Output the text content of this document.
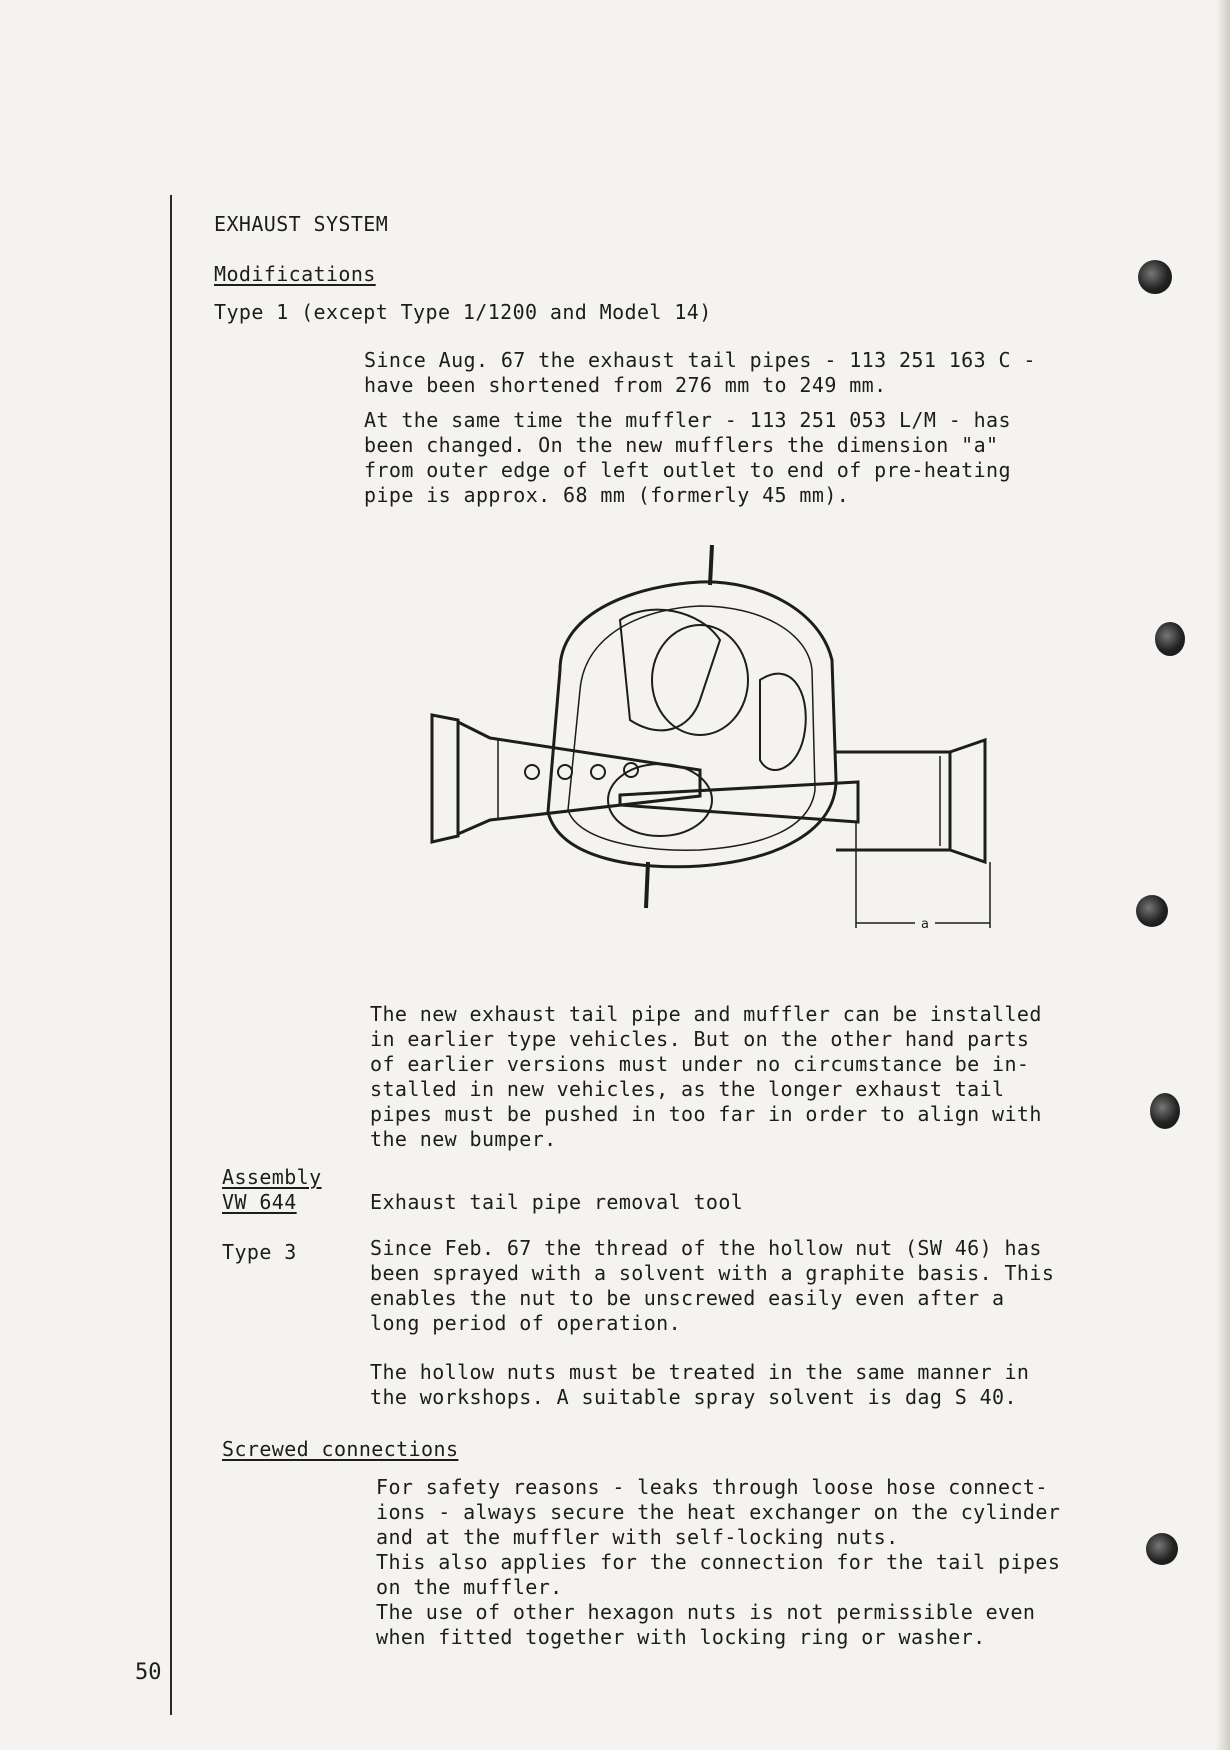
EXHAUST SYSTEM
Modifications
Type 1 (except Type 1/1200 and Model 14)
Since Aug. 67 the exhaust tail pipes - 113 251 163 C -
have been shortened from 276 mm to 249 mm.
At the same time the muffler - 113 251 053 L/M - has
been changed. On the new mufflers the dimension "a"
from outer edge of left outlet to end of pre-heating
pipe is approx. 68 mm (formerly 45 mm).
a
The new exhaust tail pipe and muffler can be installed
in earlier type vehicles. But on the other hand parts
of earlier versions must under no circumstance be in-
stalled in new vehicles, as the longer exhaust tail
pipes must be pushed in too far in order to align with
the new bumper.
Assembly
VW 644	Exhaust tail pipe removal tool
Type 3	Since Feb. 67 the thread of the hollow nut (SW 46) has
been sprayed with a solvent with a graphite basis. This
enables the nut to be unscrewed easily even after a
long period of operation.
The hollow nuts must be treated in the same manner in
the workshops. A suitable spray solvent is dag S 40.
Screwed connections
For safety reasons - leaks through loose hose connect-
ions - always secure the heat exchanger on the cylinder
and at the muffler with self-locking nuts.
This also applies for the connection for the tail pipes
on the muffler.
The use of other hexagon nuts is not permissible even
when fitted together with locking ring or washer.
50
